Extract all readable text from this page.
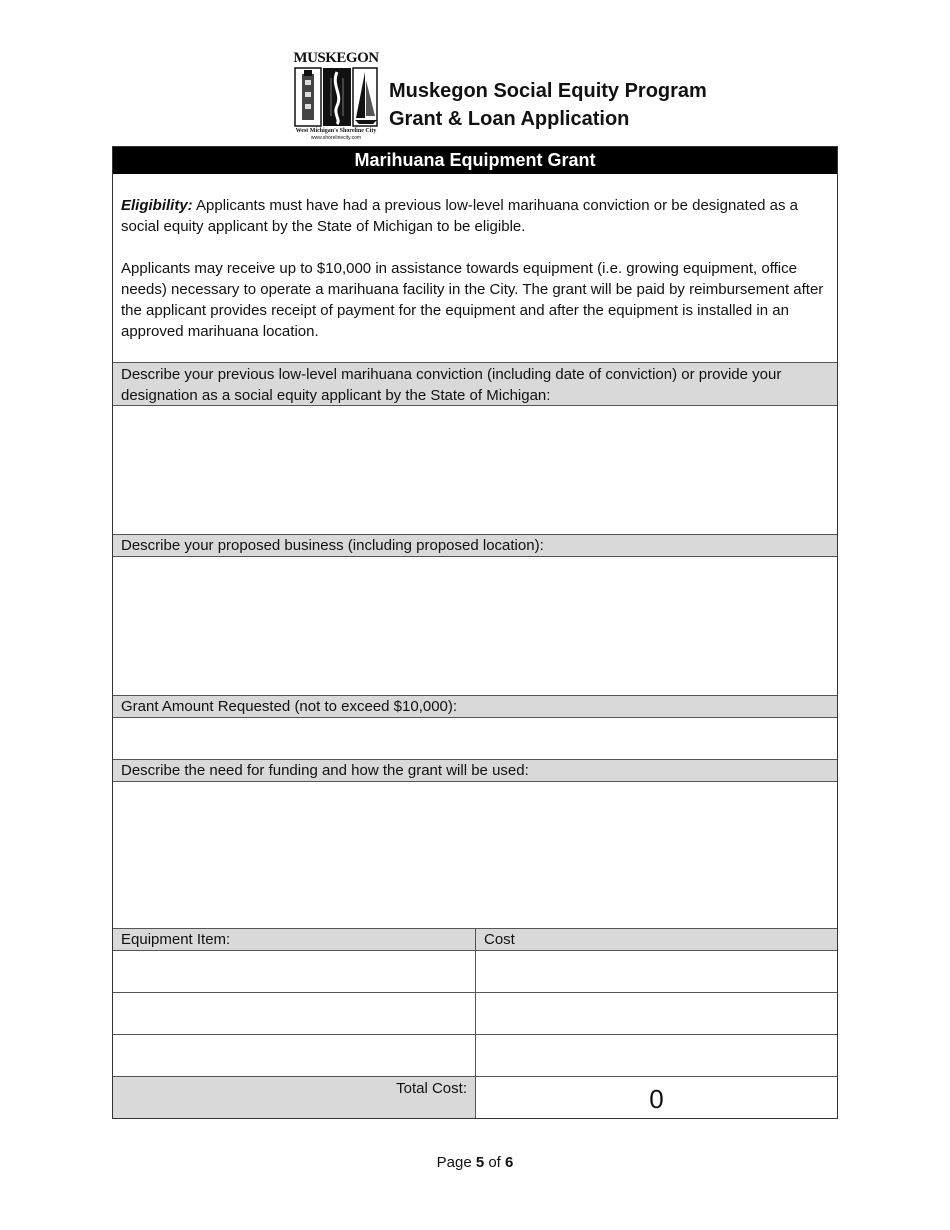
MUSKEGON
West Michigan's Shoreline City
www.shorelinecity.com
Muskegon Social Equity Program
Grant & Loan Application
Marihuana Equipment Grant
Eligibility: Applicants must have had a previous low-level marihuana conviction or be designated as a social equity applicant by the State of Michigan to be eligible.
Applicants may receive up to $10,000 in assistance towards equipment (i.e. growing equipment, office needs) necessary to operate a marihuana facility in the City. The grant will be paid by reimbursement after the applicant provides receipt of payment for the equipment and after the equipment is installed in an approved marihuana location.
Describe your previous low-level marihuana conviction (including date of conviction) or provide your designation as a social equity applicant by the State of Michigan:
Describe your proposed business (including proposed location):
Grant Amount Requested (not to exceed $10,000):
Describe the need for funding and how the grant will be used:
Equipment Item:	Cost
Total Cost:	0
Page 5 of 6
